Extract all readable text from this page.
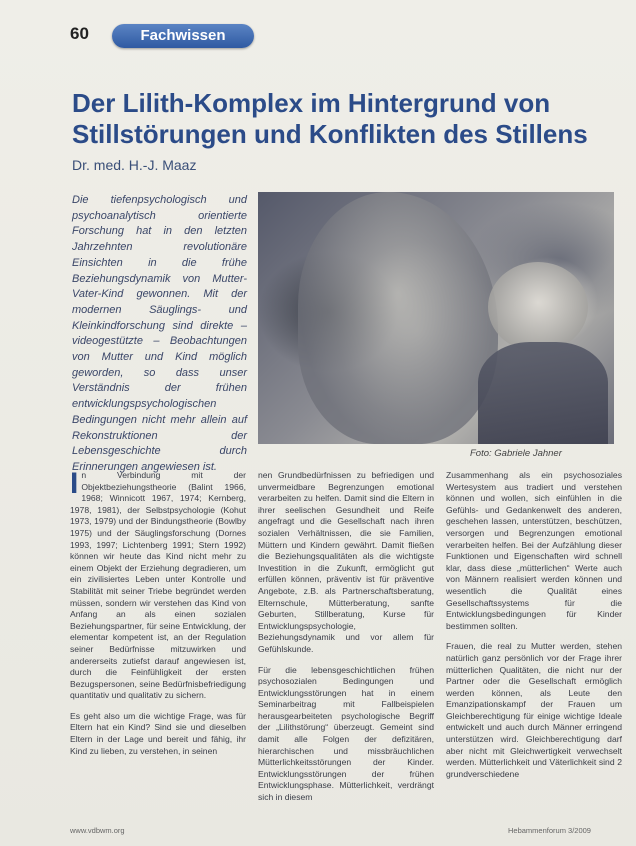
60	Fachwissen
Der Lilith-Komplex im Hintergrund von Stillstörungen und Konflikten des Stillens
Dr. med. H.-J. Maaz

Die tiefenpsychologisch und psychoanalytisch orientierte Forschung hat in den letzten Jahrzehnten revolutionäre Einsichten in die frühe Beziehungsdynamik von Mutter-Vater-Kind gewonnen. Mit der modernen Säuglings- und Kleinkindforschung sind direkte – videogestützte – Beobachtungen von Mutter und Kind möglich geworden, so dass unser Verständnis der frühen entwicklungspsychologischen Bedingungen nicht mehr allein auf Rekonstruktionen der Lebensgeschichte durch Erinnerungen angewiesen ist.

Foto: Gabriele Jahner

In Verbindung mit der Objektbeziehungstheorie (Balint 1966, 1968; Winnicott 1967, 1974; Kernberg, 1978, 1981), der Selbstpsychologie (Kohut 1973, 1979) und der Bindungstheorie (Bowlby 1975) und der Säuglingsforschung (Dornes 1993, 1997; Lichtenberg 1991; Stern 1992) können wir heute das Kind nicht mehr zu einem Objekt der Erziehung degradieren, um ein zivilisiertes Leben unter Kontrolle und Stabilität mit seiner Triebe begründet werden müssen, sondern wir verstehen das Kind von Anfang an als einen sozialen Beziehungspartner, für seine Entwicklung, der elementar kompetent ist, an der Regulation seiner Bedürfnisse mitzuwirken und andererseits zutiefst darauf angewiesen ist, durch die Feinfühligkeit der ersten Bezugspersonen, seine Bedürfnisbefriedigung quantitativ und qualitativ zu sichern.

Es geht also um die wichtige Frage, was für Eltern hat ein Kind? Sind sie und dieselben Eltern in der Lage und bereit und fähig, ihr Kind zu lieben, zu verstehen, in seinen

nen Grundbedürfnissen zu befriedigen und unvermeidbare Begrenzungen emotional verarbeiten zu helfen. Damit sind die Eltern in ihrer seelischen Gesundheit und Reife angefragt und die Gesellschaft nach ihren sozialen Verhältnissen, die sie Familien, Müttern und Kindern gewährt. Damit fließen die Beziehungsqualitäten als die wichtigste Investition in die Zukunft, ermöglicht gut erfüllen können, präventiv ist für präventive Angebote, z.B. als Partnerschaftsberatung, Elternschule, Mütterberatung, sanfte Geburten, Stillberatung, Kurse für Entwicklungspsychologie, Beziehungsdynamik und vor allem für Gefühlskunde.

Für die lebensgeschichtlichen frühen psychosozialen Bedingungen und Entwicklungsstörungen hat in einem Seminarbeitrag mit Fallbeispielen herausgearbeiteten psychologische Begriff der „Lilithstörung“ überzeugt. Gemeint sind damit alle Folgen der defizitären, hierarchischen und missbräuchlichen Mütterlichkeitsstörungen der Kinder. Entwicklungsstörungen der frühen Entwicklungsphase. Mütterlichkeit, verdrängt sich in diesem

Zusammenhang als ein psychosoziales Wertesystem aus tradiert und verstehen können und wollen, sich einfühlen in die Gefühls- und Gedankenwelt des anderen, geschehen lassen, unterstützen, beschützen, versorgen und Begrenzungen emotional verarbeiten helfen. Bei der Aufzählung dieser Funktionen und Eigenschaften wird schnell klar, dass diese „mütterlichen“ Werte auch von Männern realisiert werden können und wesentlich die Qualität eines Gesellschaftssystems für die Entwicklungsbedingungen für Kinder bestimmen sollten.

Frauen, die real zu Mutter werden, stehen natürlich ganz persönlich vor der Frage ihrer mütterlichen Qualitäten, die nicht nur der Partner oder die Gesellschaft ermöglich werden können, als Leute den Emanzipationskampf der Frauen um Gleichberechtigung für einige wichtige Ideale entwickelt und auch durch Männer erringend unterstützen wird. Gleichberechtigung darf aber nicht mit Gleichwertigkeit verwechselt werden. Mütterlichkeit und Väterlichkeit sind 2 grundverschiedene

www.vdbwm.org	Hebammenforum 3/2009
